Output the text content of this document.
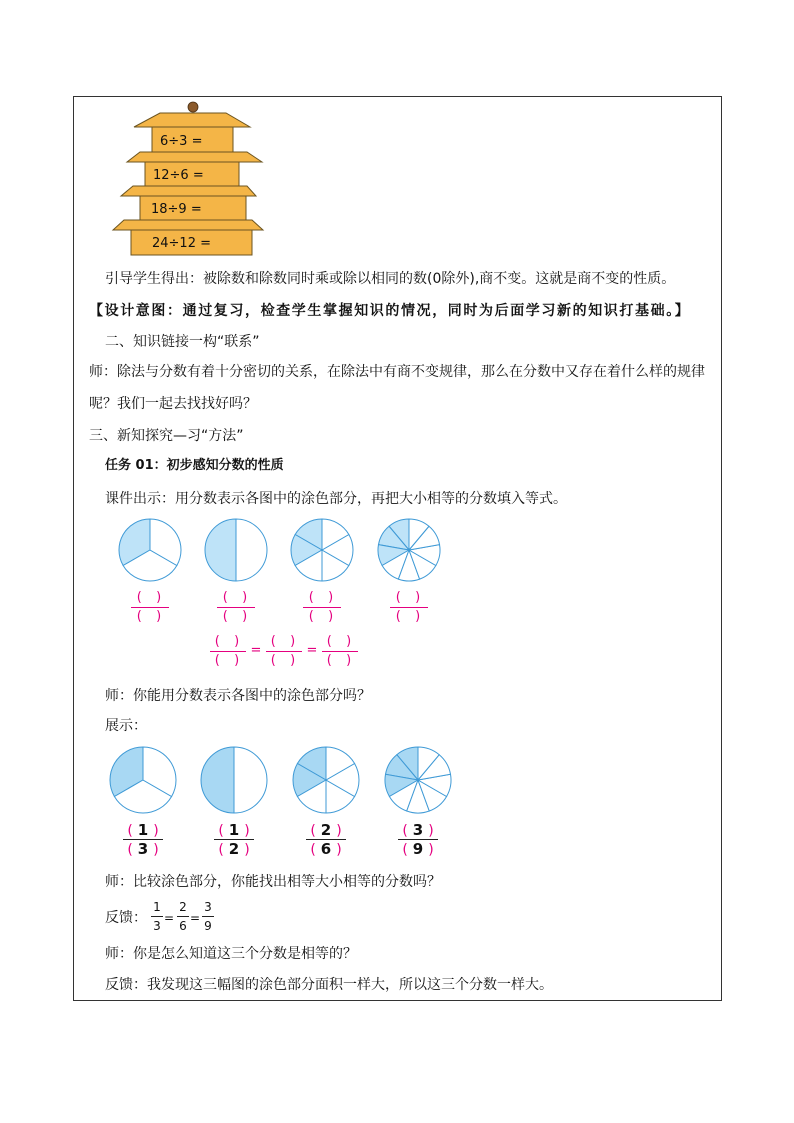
6÷3 =
12÷6 =
18÷9 =
24÷12 =
引导学生得出：被除数和除数同时乘或除以相同的数(0除外),商不变。这就是商不变的性质。
【设计意图：通过复习，检查学生掌握知识的情况，同时为后面学习新的知识打基础。】
二、知识链接一构“联系”
师：除法与分数有着十分密切的关系，在除法中有商不变规律，那么在分数中又存在着什么样的规律
呢？我们一起去找找好吗？
三、新知探究—习“方法”
任务 01：初步感知分数的性质
课件出示：用分数表示各图中的涂色部分，再把大小相等的分数填入等式。
(  )
(  )
(  )
(  )
(  )
(  )
(  )
(  )
(  )
(  )
=
(  )
(  )
=
(  )
(  )
师：你能用分数表示各图中的涂色部分吗？
展示：
( 1 )
( 3 )
( 1 )
( 2 )
( 2 )
( 6 )
( 3 )
( 9 )
师：比较涂色部分，你能找出相等大小相等的分数吗？
反馈：
1
3
=
2
6
=
3
9
师：你是怎么知道这三个分数是相等的？
反馈：我发现这三幅图的涂色部分面积一样大，所以这三个分数一样大。
